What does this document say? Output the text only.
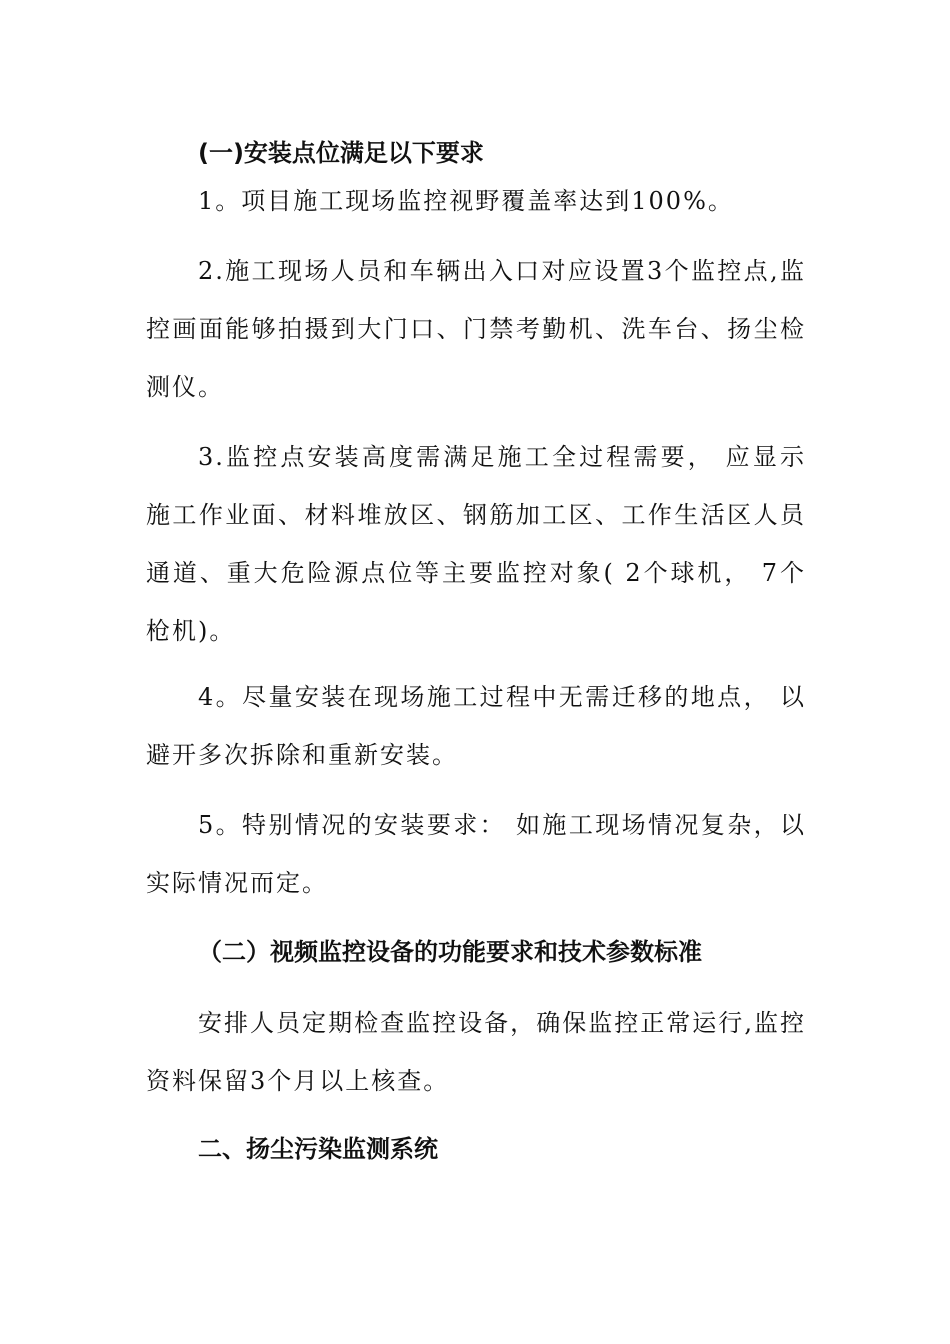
(一)安装点位满足以下要求
1。项目施工现场监控视野覆盖率达到100%。
2.施工现场人员和车辆出入口对应设置3个监控点,监控画面能够拍摄到大门口、门禁考勤机、洗车台、扬尘检测仪。
3.监控点安装高度需满足施工全过程需要， 应显示施工作业面、材料堆放区、钢筋加工区、工作生活区人员通道、重大危险源点位等主要监控对象( 2个球机， 7个枪机)。
4。尽量安装在现场施工过程中无需迁移的地点， 以避开多次拆除和重新安装。
5。特别情况的安装要求： 如施工现场情况复杂，以实际情况而定。
（二）视频监控设备的功能要求和技术参数标准
安排人员定期检查监控设备，确保监控正常运行,监控资料保留3个月以上核查。
二、扬尘污染监测系统
